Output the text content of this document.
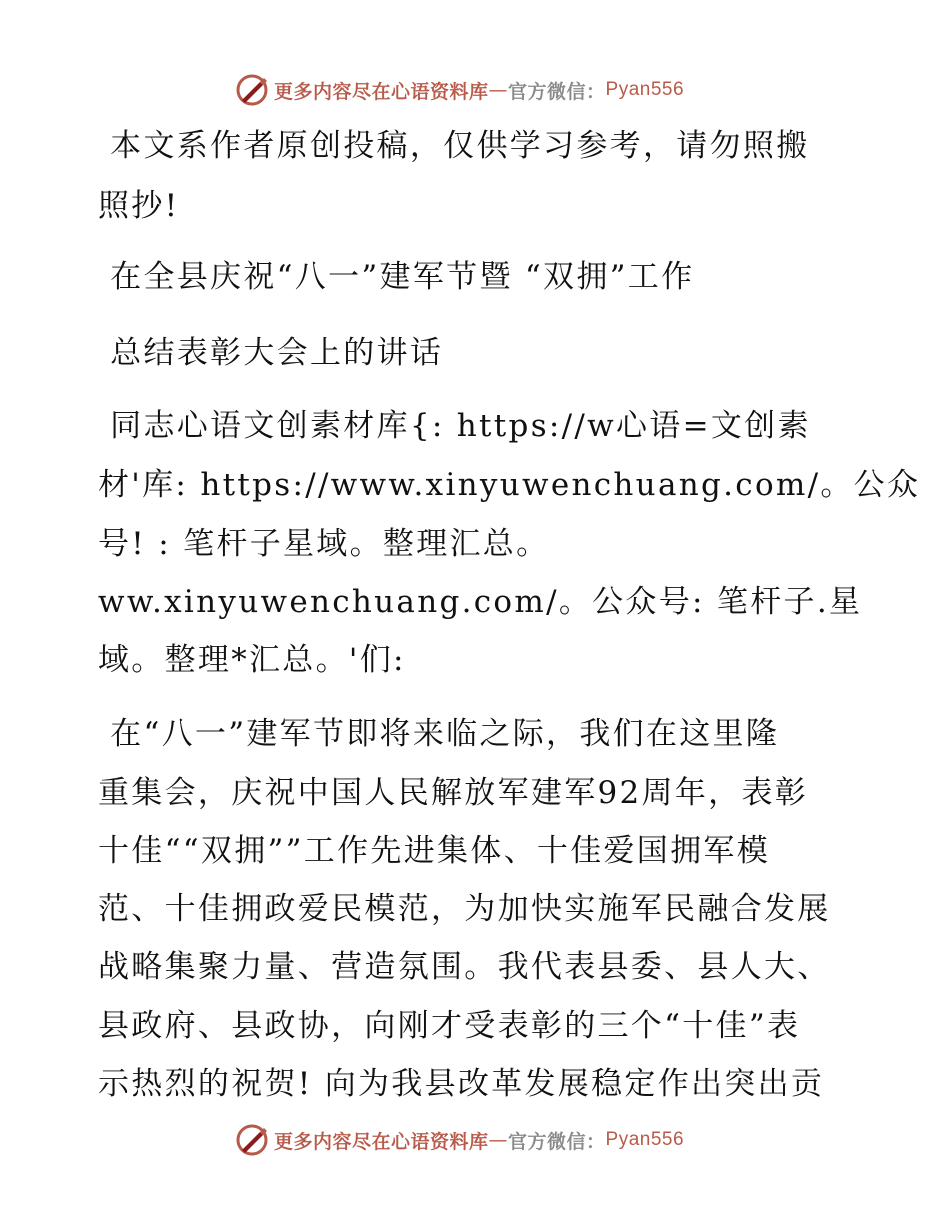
更多内容尽在心语资料库 — 官方微信： Pyan556
本文系作者原创投稿，仅供学习参考，请勿照搬
照抄!
在全县庆祝“八一”建军节暨 “双拥”工作
总结表彰大会上的讲话
同志心语文创素材库{: https://w心语=文创素
材'库: https://www.xinyuwenchuang.com/。公众
号! : 笔杆子星域。整理汇总。
ww.xinyuwenchuang.com/。公众号: 笔杆子.星
域。整理*汇总。'们:
在“八一”建军节即将来临之际，我们在这里隆
重集会，庆祝中国人民解放军建军92周年，表彰
十佳““双拥””工作先进集体、十佳爱国拥军模
范、十佳拥政爱民模范，为加快实施军民融合发展
战略集聚力量、营造氛围。我代表县委、县人大、
县政府、县政协，向刚才受表彰的三个“十佳”表
示热烈的祝贺! 向为我县改革发展稳定作出突出贡
更多内容尽在心语资料库 — 官方微信： Pyan556
